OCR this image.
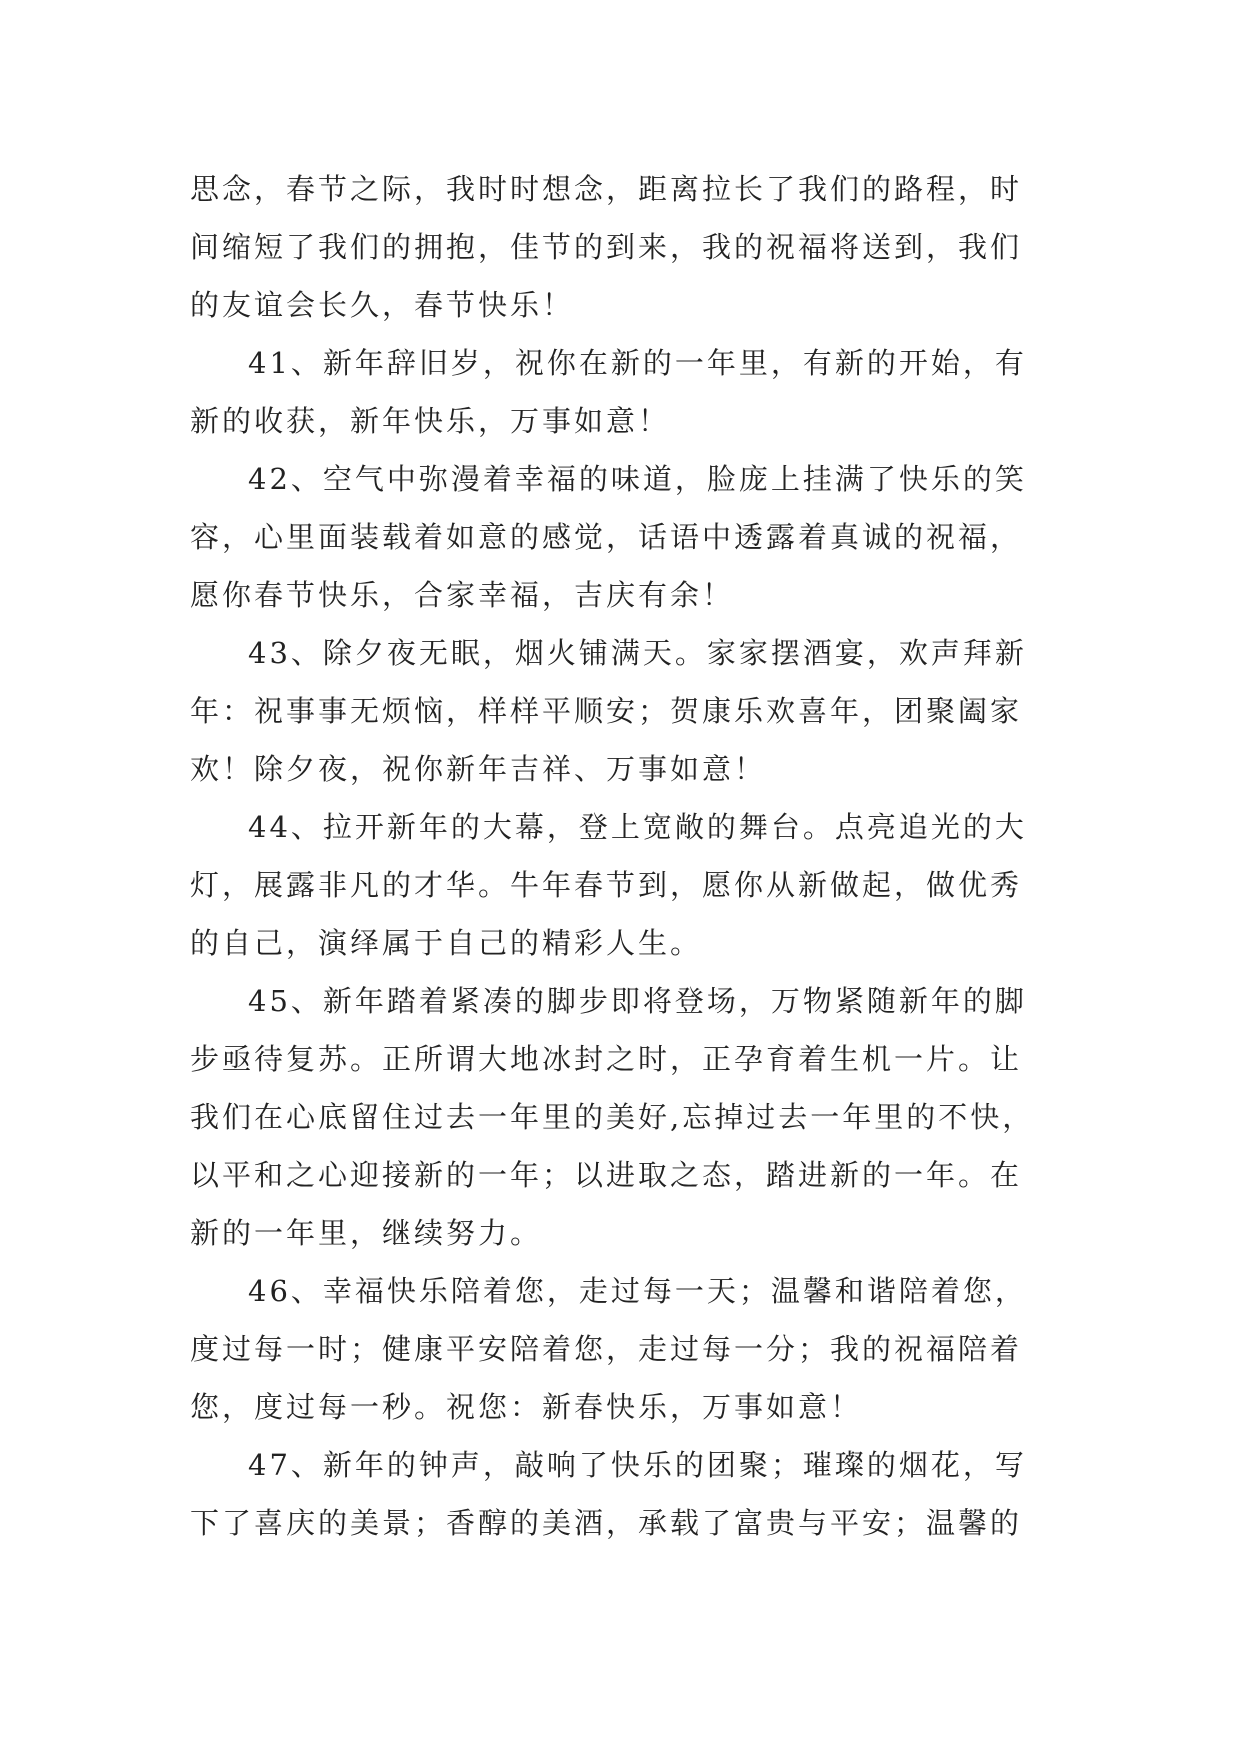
思念，春节之际，我时时想念，距离拉长了我们的路程，时间缩短了我们的拥抱，佳节的到来，我的祝福将送到，我们的友谊会长久，春节快乐！

41、新年辞旧岁，祝你在新的一年里，有新的开始，有新的收获，新年快乐，万事如意！

42、空气中弥漫着幸福的味道，脸庞上挂满了快乐的笑容，心里面装载着如意的感觉，话语中透露着真诚的祝福，愿你春节快乐，合家幸福，吉庆有余！

43、除夕夜无眠，烟火铺满天。家家摆酒宴，欢声拜新年：祝事事无烦恼，样样平顺安；贺康乐欢喜年，团聚阖家欢！除夕夜，祝你新年吉祥、万事如意！

44、拉开新年的大幕，登上宽敞的舞台。点亮追光的大灯，展露非凡的才华。牛年春节到，愿你从新做起，做优秀的自己，演绎属于自己的精彩人生。

45、新年踏着紧凑的脚步即将登场，万物紧随新年的脚步亟待复苏。正所谓大地冰封之时，正孕育着生机一片。让我们在心底留住过去一年里的美好,忘掉过去一年里的不快，以平和之心迎接新的一年；以进取之态，踏进新的一年。在新的一年里，继续努力。

46、幸福快乐陪着您，走过每一天；温馨和谐陪着您，度过每一时；健康平安陪着您，走过每一分；我的祝福陪着您，度过每一秒。祝您：新春快乐，万事如意！

47、新年的钟声，敲响了快乐的团聚；璀璨的烟花，写下了喜庆的美景；香醇的美酒，承载了富贵与平安；温馨的
